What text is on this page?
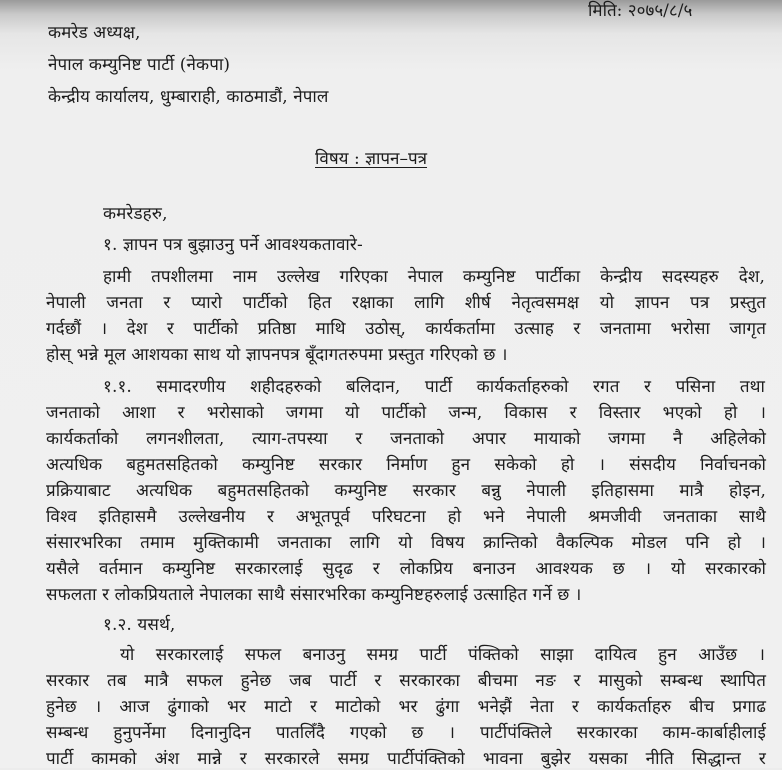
मिति: २०७५/८/५
कमरेड अध्यक्ष,
नेपाल कम्युनिष्ट पार्टी (नेकपा)
केन्द्रीय कार्यालय, धुम्बाराही, काठमाडौं, नेपाल
विषय : ज्ञापन–पत्र
कमरेडहरु,
१. ज्ञापन पत्र बुझाउनु पर्ने आवश्यकतावारे-
हामी तपशीलमा नाम उल्लेख गरिएका नेपाल कम्युनिष्ट पार्टीका केन्द्रीय सदस्यहरु देश,
नेपाली जनता र प्यारो पार्टीको हित रक्षाका लागि शीर्ष नेतृत्वसमक्ष यो ज्ञापन पत्र प्रस्तुत
गर्दछौं । देश र पार्टीको प्रतिष्ठा माथि उठोस्, कार्यकर्तामा उत्साह र जनतामा भरोसा जागृत
होस् भन्ने मूल आशयका साथ यो ज्ञापनपत्र बूँदागतरुपमा प्रस्तुत गरिएको छ ।
१.१. समादरणीय शहीदहरुको बलिदान, पार्टी कार्यकर्ताहरुको रगत र पसिना तथा
जनताको आशा र भरोसाको जगमा यो पार्टीको जन्म, विकास र विस्तार भएको हो ।
कार्यकर्ताको लगनशीलता, त्याग-तपस्या र जनताको अपार मायाको जगमा नै अहिलेको
अत्यधिक बहुमतसहितको कम्युनिष्ट सरकार निर्माण हुन सकेको हो । संसदीय निर्वाचनको
प्रक्रियाबाट अत्यधिक बहुमतसहितको कम्युनिष्ट सरकार बन्नु नेपाली इतिहासमा मात्रै होइन,
विश्व इतिहासमै उल्लेखनीय र अभूतपूर्व परिघटना हो भने नेपाली श्रमजीवी जनताका साथै
संसारभरिका तमाम मुक्तिकामी जनताका लागि यो विषय क्रान्तिको वैकल्पिक मोडल पनि हो ।
यसैले वर्तमान कम्युनिष्ट सरकारलाई सुदृढ र लोकप्रिय बनाउन आवश्यक छ । यो सरकारको
सफलता र लोकप्रियताले नेपालका साथै संसारभरिका कम्युनिष्टहरुलाई उत्साहित गर्ने छ ।
१.२. यसर्थ,
यो सरकारलाई सफल बनाउनु समग्र पार्टी पंक्तिको साझा दायित्व हुन आउँछ ।
सरकार तब मात्रै सफल हुनेछ जब पार्टी र सरकारका बीचमा नङ र मासुको सम्बन्ध स्थापित
हुनेछ । आज ढुंगाको भर माटो र माटोको भर ढुंगा भनेझैं नेता र कार्यकर्ताहरु बीच प्रगाढ
सम्बन्ध हुनुपर्नेमा दिनानुदिन पातलिँदै गएको छ । पार्टीपंक्तिले सरकारका काम-कार्बाहीलाई
पार्टी कामको अंश मान्ने र सरकारले समग्र पार्टीपंक्तिको भावना बुझेर यसका नीति सिद्धान्त र
